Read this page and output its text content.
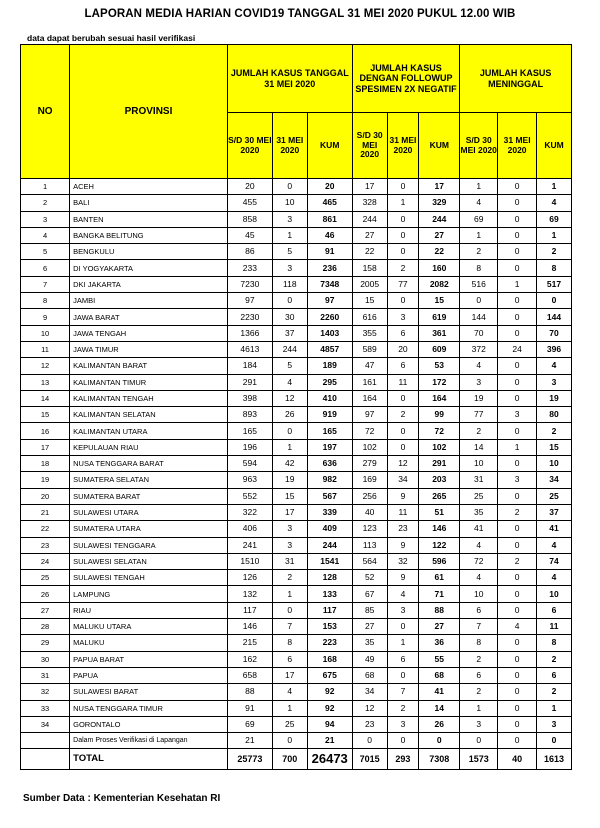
LAPORAN MEDIA HARIAN COVID19 TANGGAL 31 MEI 2020 PUKUL 12.00 WIB
data dapat berubah sesuai hasil verifikasi
NO	PROVINSI	JUMLAH KASUS TANGGAL 31 MEI 2020			JUMLAH KASUS DENGAN FOLLOWUP SPESIMEN 2X NEGATIF			JUMLAH KASUS MENINGGAL		
		S/D 30 MEI 2020	31 MEI 2020	KUM	S/D 30 MEI 2020	31 MEI 2020	KUM	S/D 30 MEI 2020	31 MEI 2020	KUM
1	ACEH	20	0	20	17	0	17	1	0	1
2	BALI	455	10	465	328	1	329	4	0	4
3	BANTEN	858	3	861	244	0	244	69	0	69
4	BANGKA BELITUNG	45	1	46	27	0	27	1	0	1
5	BENGKULU	86	5	91	22	0	22	2	0	2
6	DI YOGYAKARTA	233	3	236	158	2	160	8	0	8
7	DKI JAKARTA	7230	118	7348	2005	77	2082	516	1	517
8	JAMBI	97	0	97	15	0	15	0	0	0
9	JAWA BARAT	2230	30	2260	616	3	619	144	0	144
10	JAWA TENGAH	1366	37	1403	355	6	361	70	0	70
11	JAWA TIMUR	4613	244	4857	589	20	609	372	24	396
12	KALIMANTAN BARAT	184	5	189	47	6	53	4	0	4
13	KALIMANTAN TIMUR	291	4	295	161	11	172	3	0	3
14	KALIMANTAN TENGAH	398	12	410	164	0	164	19	0	19
15	KALIMANTAN SELATAN	893	26	919	97	2	99	77	3	80
16	KALIMANTAN UTARA	165	0	165	72	0	72	2	0	2
17	KEPULAUAN RIAU	196	1	197	102	0	102	14	1	15
18	NUSA TENGGARA BARAT	594	42	636	279	12	291	10	0	10
19	SUMATERA SELATAN	963	19	982	169	34	203	31	3	34
20	SUMATERA BARAT	552	15	567	256	9	265	25	0	25
21	SULAWESI UTARA	322	17	339	40	11	51	35	2	37
22	SUMATERA UTARA	406	3	409	123	23	146	41	0	41
23	SULAWESI TENGGARA	241	3	244	113	9	122	4	0	4
24	SULAWESI SELATAN	1510	31	1541	564	32	596	72	2	74
25	SULAWESI TENGAH	126	2	128	52	9	61	4	0	4
26	LAMPUNG	132	1	133	67	4	71	10	0	10
27	RIAU	117	0	117	85	3	88	6	0	6
28	MALUKU UTARA	146	7	153	27	0	27	7	4	11
29	MALUKU	215	8	223	35	1	36	8	0	8
30	PAPUA BARAT	162	6	168	49	6	55	2	0	2
31	PAPUA	658	17	675	68	0	68	6	0	6
32	SULAWESI BARAT	88	4	92	34	7	41	2	0	2
33	NUSA TENGGARA TIMUR	91	1	92	12	2	14	1	0	1
34	GORONTALO	69	25	94	23	3	26	3	0	3
	Dalam Proses Verifikasi di Lapangan	21	0	21	0	0	0	0	0	0
	TOTAL	25773	700	26473	7015	293	7308	1573	40	1613
Sumber Data : Kementerian Kesehatan RI
